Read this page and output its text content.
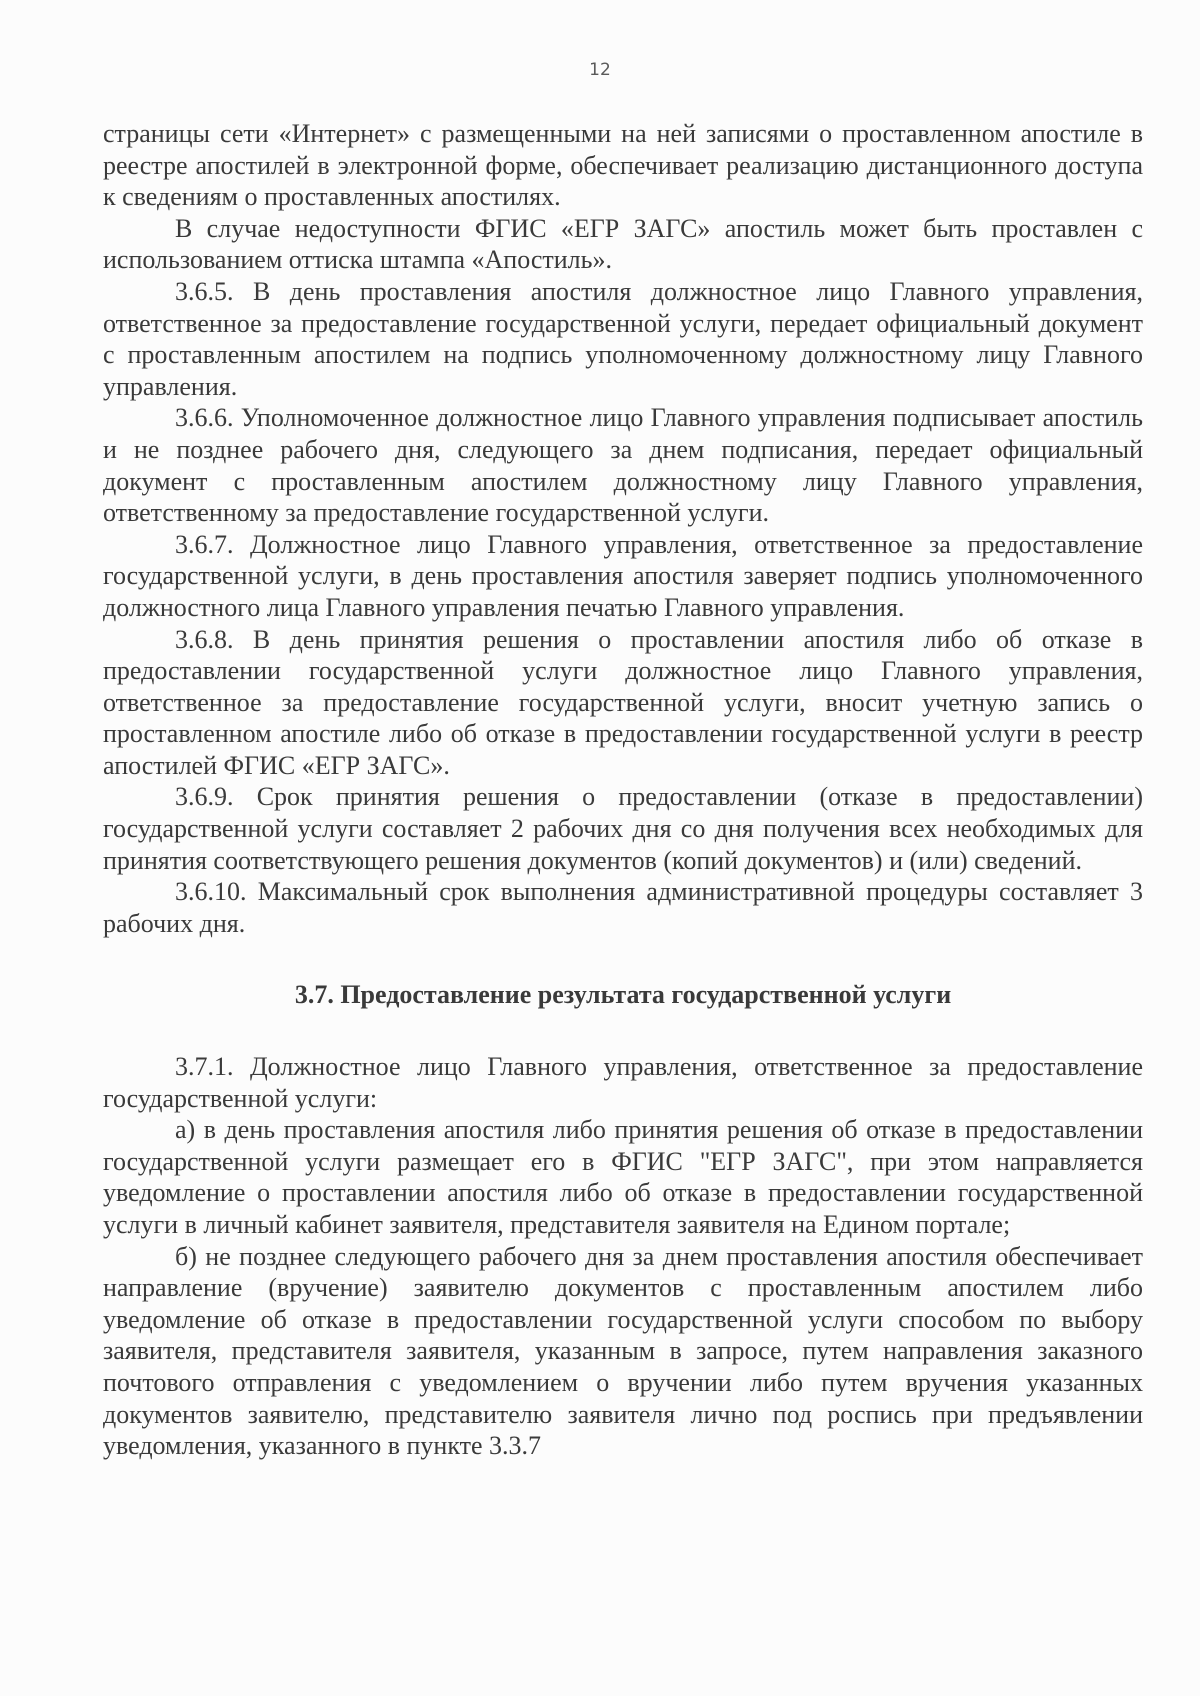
12

страницы сети «Интернет» с размещенными на ней записями о проставленном апостиле в реестре апостилей в электронной форме, обеспечивает реализацию дистанционного доступа к сведениям о проставленных апостилях.

В случае недоступности ФГИС «ЕГР ЗАГС» апостиль может быть проставлен с использованием оттиска штампа «Апостиль».

3.6.5. В день проставления апостиля должностное лицо Главного управления, ответственное за предоставление государственной услуги, передает официальный документ с проставленным апостилем на подпись уполномоченному должностному лицу Главного управления.

3.6.6. Уполномоченное должностное лицо Главного управления подписывает апостиль и не позднее рабочего дня, следующего за днем подписания, передает официальный документ с проставленным апостилем должностному лицу Главного управления, ответственному за предоставление государственной услуги.

3.6.7. Должностное лицо Главного управления, ответственное за предоставление государственной услуги, в день проставления апостиля заверяет подпись уполномоченного должностного лица Главного управления печатью Главного управления.

3.6.8. В день принятия решения о проставлении апостиля либо об отказе в предоставлении государственной услуги должностное лицо Главного управления, ответственное за предоставление государственной услуги, вносит учетную запись о проставленном апостиле либо об отказе в предоставлении государственной услуги в реестр апостилей ФГИС «ЕГР ЗАГС».

3.6.9. Срок принятия решения о предоставлении (отказе в предоставлении) государственной услуги составляет 2 рабочих дня со дня получения всех необходимых для принятия соответствующего решения документов (копий документов) и (или) сведений.

3.6.10. Максимальный срок выполнения административной процедуры составляет 3 рабочих дня.

3.7. Предоставление результата государственной услуги

3.7.1. Должностное лицо Главного управления, ответственное за предоставление государственной услуги:

а) в день проставления апостиля либо принятия решения об отказе в предоставлении государственной услуги размещает его в ФГИС "ЕГР ЗАГС", при этом направляется уведомление о проставлении апостиля либо об отказе в предоставлении государственной услуги в личный кабинет заявителя, представителя заявителя на Едином портале;

б) не позднее следующего рабочего дня за днем проставления апостиля обеспечивает направление (вручение) заявителю документов с проставленным апостилем либо уведомление об отказе в предоставлении государственной услуги способом по выбору заявителя, представителя заявителя, указанным в запросе, путем направления заказного почтового отправления с уведомлением о вручении либо путем вручения указанных документов заявителю, представителю заявителя лично под роспись при предъявлении уведомления, указанного в пункте 3.3.7
